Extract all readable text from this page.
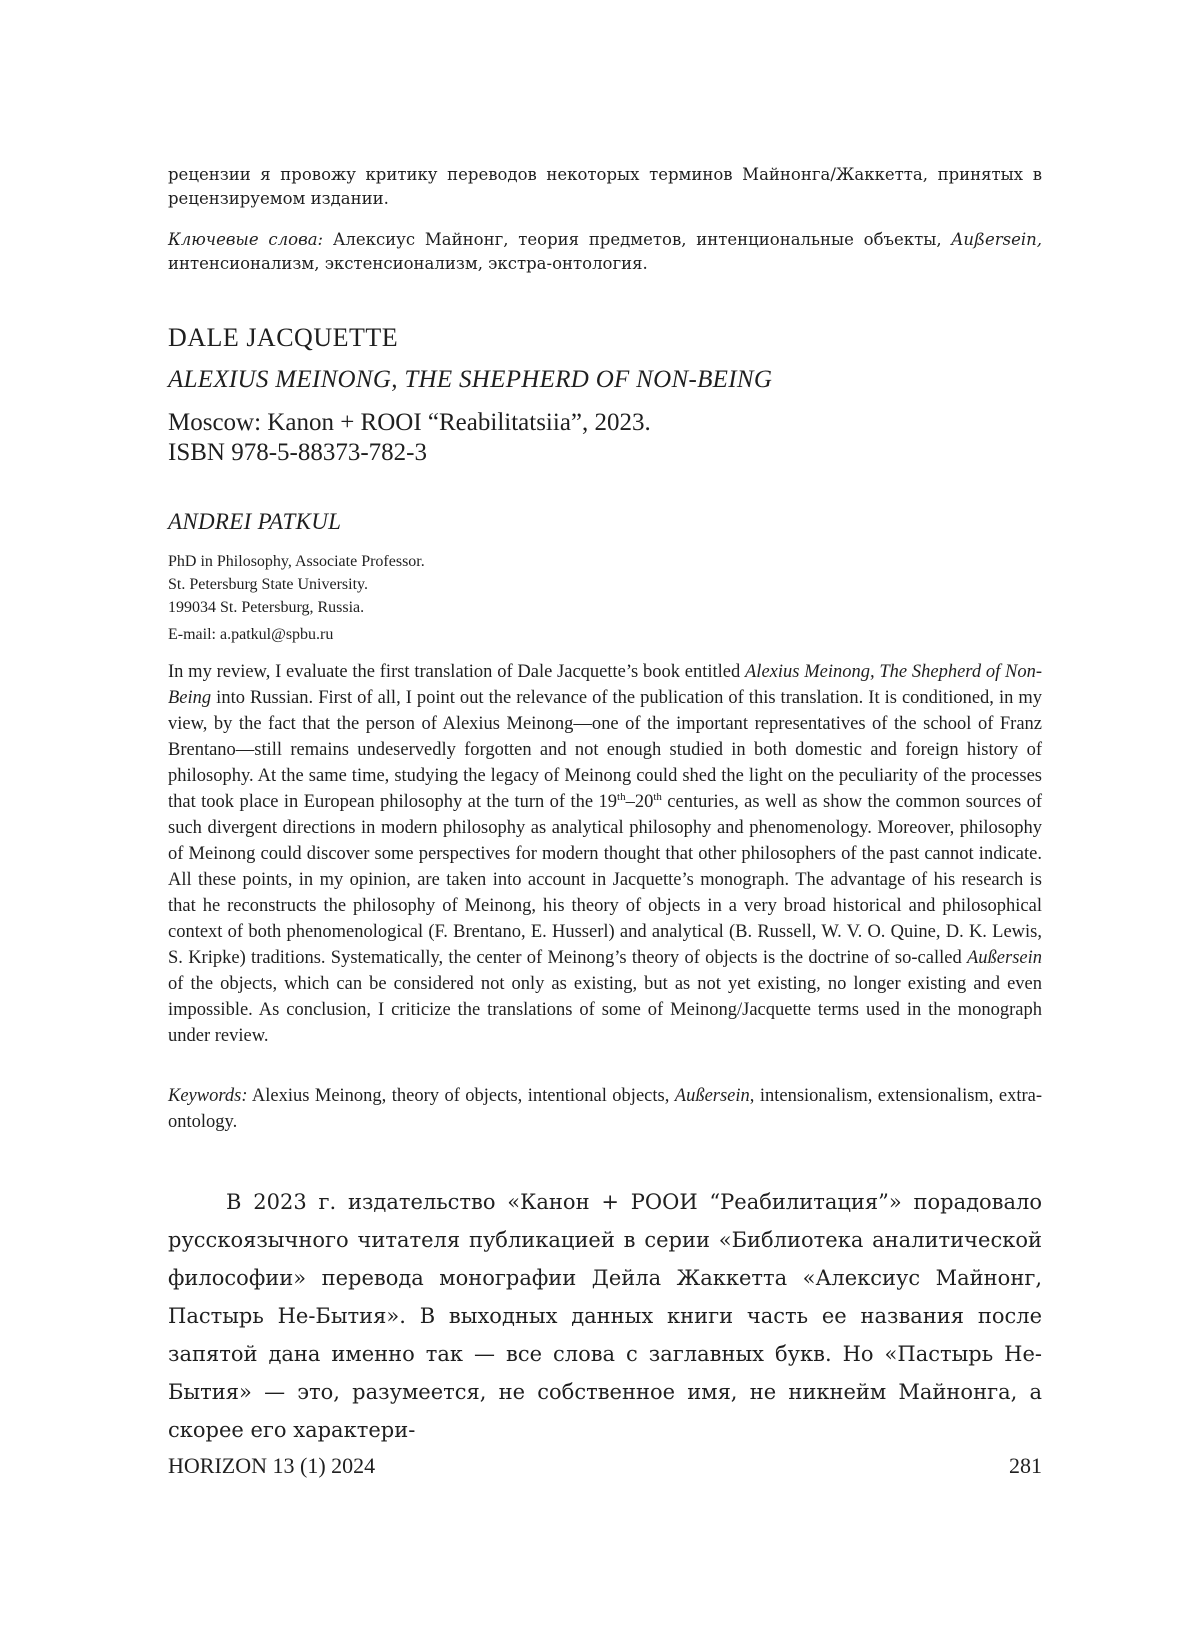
рецензии я провожу критику переводов некоторых терминов Майнонга/Жаккетта, принятых в рецензируемом издании.

Ключевые слова: Алексиус Майнонг, теория предметов, интенциональные объекты, Außersein, интенсионализм, экстенсионализм, экстра-онтология.

DALE JACQUETTE

ALEXIUS MEINONG, THE SHEPHERD OF NON-BEING

Moscow: Kanon + ROOI “Reabilitatsiia”, 2023.

ISBN 978-5-88373-782-3

ANDREI PATKUL

PhD in Philosophy, Associate Professor.
St. Petersburg State University.
199034 St. Petersburg, Russia.

E-mail: a.patkul@spbu.ru

In my review, I evaluate the first translation of Dale Jacquette’s book entitled Alexius Meinong, The Shepherd of Non-Being into Russian. First of all, I point out the relevance of the publication of this translation. It is conditioned, in my view, by the fact that the person of Alexius Meinong—one of the important representatives of the school of Franz Brentano—still remains undeservedly forgotten and not enough studied in both domestic and foreign history of philosophy. At the same time, studying the legacy of Meinong could shed the light on the peculiarity of the processes that took place in European philosophy at the turn of the 19th–20th centuries, as well as show the common sources of such divergent directions in modern philosophy as analytical philosophy and phenomenology. Moreover, philosophy of Meinong could discover some perspectives for modern thought that other philosophers of the past cannot indicate. All these points, in my opinion, are taken into account in Jacquette’s monograph. The advantage of his research is that he reconstructs the philosophy of Meinong, his theory of objects in a very broad historical and philosophical context of both phenomenological (F. Brentano, E. Husserl) and analytical (B. Russell, W. V. O. Quine, D. K. Lewis, S. Kripke) traditions. Systematically, the center of Meinong’s theory of objects is the doctrine of so-called Außersein of the objects, which can be considered not only as existing, but as not yet existing, no longer existing and even impossible. As conclusion, I criticize the translations of some of Meinong/Jacquette terms used in the monograph under review.

Keywords: Alexius Meinong, theory of objects, intentional objects, Außersein, intensionalism, extensionalism, extra-ontology.

В 2023 г. издательство «Канон + РООИ “Реабилитация”» порадовало русскоязычного читателя публикацией в серии «Библиотека аналитической философии» перевода монографии Дейла Жаккетта «Алексиус Майнонг, Пастырь Не-Бытия». В выходных данных книги часть ее названия после запятой дана именно так — все слова с заглавных букв. Но «Пастырь Не-Бытия» — это, разумеется, не собственное имя, не никнейм Майнонга, а скорее его характери-

HORIZON 13 (1) 2024	281
